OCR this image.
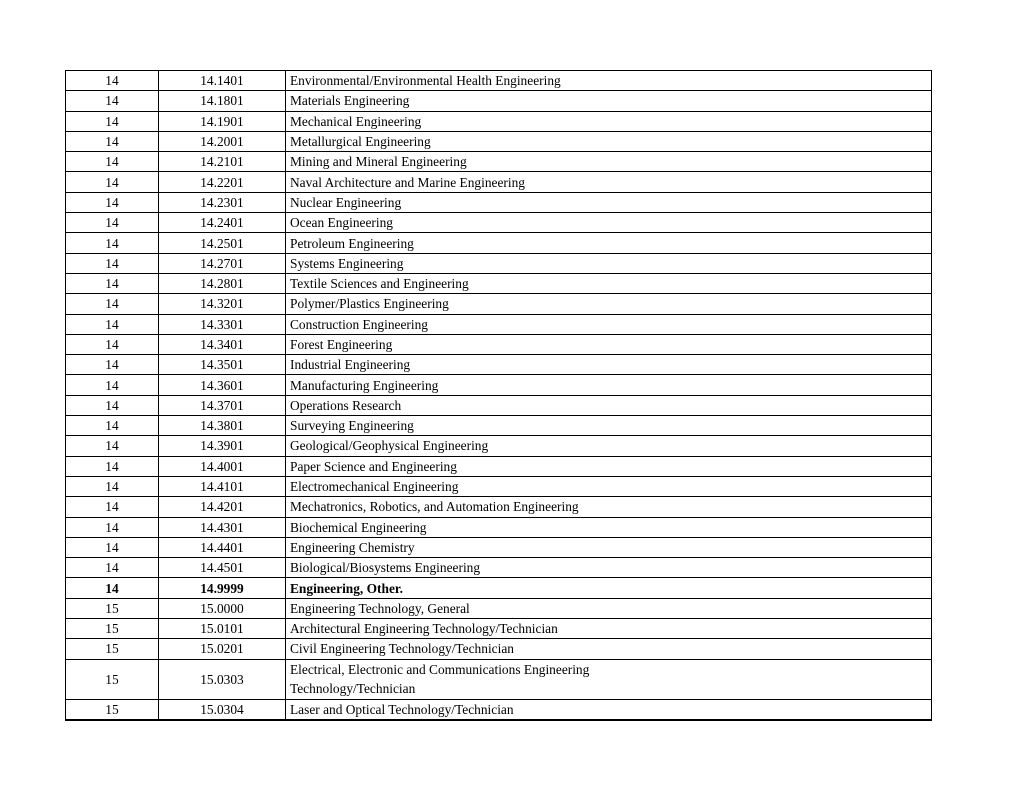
14	14.1401	Environmental/Environmental Health Engineering
14	14.1801	Materials Engineering
14	14.1901	Mechanical Engineering
14	14.2001	Metallurgical Engineering
14	14.2101	Mining and Mineral Engineering
14	14.2201	Naval Architecture and Marine Engineering
14	14.2301	Nuclear Engineering
14	14.2401	Ocean Engineering
14	14.2501	Petroleum Engineering
14	14.2701	Systems Engineering
14	14.2801	Textile Sciences and Engineering
14	14.3201	Polymer/Plastics Engineering
14	14.3301	Construction Engineering
14	14.3401	Forest Engineering
14	14.3501	Industrial Engineering
14	14.3601	Manufacturing Engineering
14	14.3701	Operations Research
14	14.3801	Surveying Engineering
14	14.3901	Geological/Geophysical Engineering
14	14.4001	Paper Science and Engineering
14	14.4101	Electromechanical Engineering
14	14.4201	Mechatronics, Robotics, and Automation Engineering
14	14.4301	Biochemical Engineering
14	14.4401	Engineering Chemistry
14	14.4501	Biological/Biosystems Engineering
14	14.9999	Engineering, Other.
15	15.0000	Engineering Technology, General
15	15.0101	Architectural Engineering Technology/Technician
15	15.0201	Civil Engineering Technology/Technician
15	15.0303	Electrical, Electronic and Communications Engineering Technology/Technician
15	15.0304	Laser and Optical Technology/Technician
